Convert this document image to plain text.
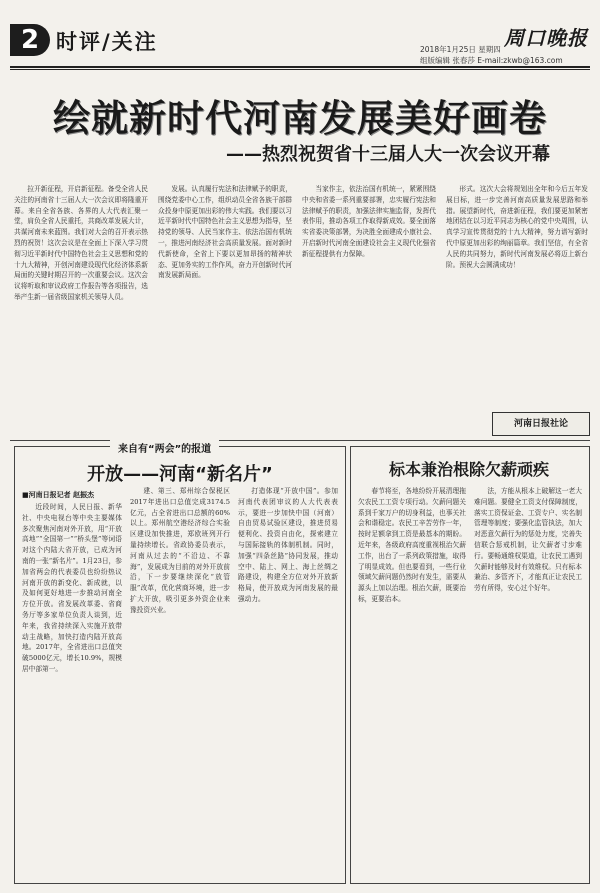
2 时评/关注	周口晚报
2018年1月25日 星期四
组版编辑 张春莎 E-mail:zkwb@163.com
绘就新时代河南发展美好画卷
——热烈祝贺省十三届人大一次会议开幕

拉开新征程，开启新征程。备受全省人民关注的河南省十三届人大一次会议即将隆重开幕。来自全省各族、各界的人大代表汇聚一堂，肩负全省人民重托，共商改革发展大计，共谋河南未来蓝图。我们对大会的召开表示热烈的祝贺！这次会议是在全面上下深入学习贯彻习近平新时代中国特色社会主义思想和党的十九大精神，开创河南建设现代化经济体系新局面的关键时期召开的一次重要会议。这次会议将听取和审议政府工作报告等各项报告，选举产生新一届省级国家机关领导人员。

发展。认真履行宪法和法律赋予的职责，围绕党委中心工作，组织动员全省各族干部群众投身中原更加出彩的伟大实践。我们要以习近平新时代中国特色社会主义思想为指导，坚持党的领导、人民当家作主、依法治国有机统一，推进河南经济社会高质量发展。面对新时代新使命，全省上下要以更加昂扬的精神状态、更加务实的工作作风，奋力开创新时代河南发展新局面。

当家作主，依法治国有机统一，紧紧围绕中央和省委一系列重要部署，忠实履行宪法和法律赋予的职责，加强法律实施监督，发挥代表作用，推动各项工作取得新成效。要全面落实省委决策部署，为决胜全面建成小康社会、开启新时代河南全面建设社会主义现代化强省新征程提供有力保障。

形式。这次大会将规划出全年和今后五年发展目标，进一步完善河南高质量发展思路和举措。展望新时代，奋进新征程，我们要更加紧密地团结在以习近平同志为核心的党中央周围，认真学习宣传贯彻党的十九大精神，努力谱写新时代中原更加出彩的绚丽篇章。我们坚信，有全省人民的共同努力，新时代河南发展必将迈上新台阶。预祝大会圆满成功！

河南日报社论
来自有“两会”的报道
开放——河南“新名片”
■河南日报记者 赵振杰

近段时间，人民日报、新华社、中央电视台等中央主要媒体多次聚焦河南对外开放，用“开放高地”“全国第一”“桥头堡”等词语对这个内陆大省开放，已成为河南的一张“新名片”。1月23日，参加省两会的代表委员也纷纷热议河南开放的新变化、新成就，以及如何更好地进一步推动河南全方位开放。省发展改革委、省商务厅等多家单位负责人谈到，近年来，我省持续深入实施开放带动主战略，加快打造内陆开放高地。2017年，全省进出口总值突破5000亿元，增长10.9%，规模居中部第一。

建、第三、郑州综合保税区2017年进出口总值完成3174.5亿元，占全省进出口总额的60%以上。郑州航空港经济综合实验区建设加快推进，郑欧班列开行量持续增长。省政协委员表示，河南从过去的“不沿边、不靠海”，发展成为目前的对外开放前沿，下一步要继续深化“放管服”改革，优化营商环境，进一步扩大开放，吸引更多外资企业来豫投资兴业。

打造体现“开放中国”。参加河南代表团审议的人大代表表示，要进一步加快中国（河南）自由贸易试验区建设，推进贸易便利化、投资自由化，探索建立与国际接轨的体制机制。同时，加强“四条丝路”协同发展，推动空中、陆上、网上、海上丝绸之路建设，构建全方位对外开放新格局，使开放成为河南发展的最强动力。

标本兼治根除欠薪顽疾

春节将至，各地纷纷开展清理拖欠农民工工资专项行动。欠薪问题关系到千家万户的切身利益，也事关社会和谐稳定。农民工辛苦劳作一年，按时足额拿到工资是最基本的期盼。近年来，各级政府高度重视根治欠薪工作，出台了一系列政策措施，取得了明显成效。但也要看到，一些行业领域欠薪问题仍然时有发生，需要从源头上加以治理。根治欠薪，既要治标，更要治本。

法，方能从根本上破解这一老大难问题。要健全工资支付保障制度，落实工资保证金、工资专户、实名制管理等制度；要强化监管执法，加大对恶意欠薪行为的惩处力度，完善失信联合惩戒机制，让欠薪者寸步难行。要畅通维权渠道，让农民工遇到欠薪时能够及时有效维权。只有标本兼治、多管齐下，才能真正让农民工劳有所得，安心过个好年。
